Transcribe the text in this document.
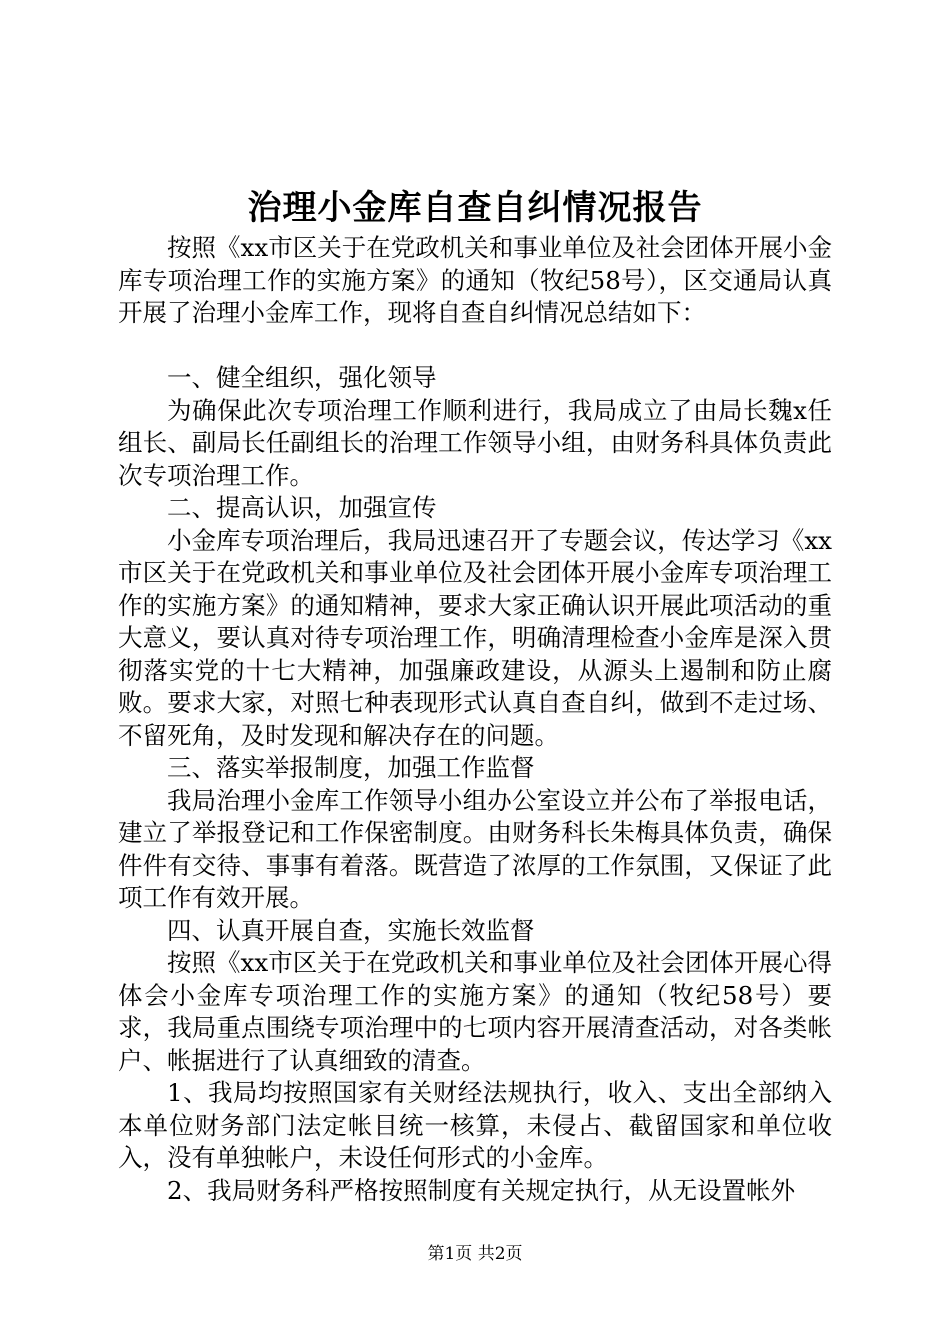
治理小金库自查自纠情况报告

按照《xx市区关于在党政机关和事业单位及社会团体开展小金库专项治理工作的实施方案》的通知（牧纪58号），区交通局认真开展了治理小金库工作，现将自查自纠情况总结如下：

一、健全组织，强化领导

为确保此次专项治理工作顺利进行，我局成立了由局长魏x任组长、副局长任副组长的治理工作领导小组，由财务科具体负责此次专项治理工作。

二、提高认识，加强宣传

小金库专项治理后，我局迅速召开了专题会议，传达学习《xx市区关于在党政机关和事业单位及社会团体开展小金库专项治理工作的实施方案》的通知精神，要求大家正确认识开展此项活动的重大意义，要认真对待专项治理工作，明确清理检查小金库是深入贯彻落实党的十七大精神，加强廉政建设，从源头上遏制和防止腐败。要求大家，对照七种表现形式认真自查自纠，做到不走过场、不留死角，及时发现和解决存在的问题。

三、落实举报制度，加强工作监督

我局治理小金库工作领导小组办公室设立并公布了举报电话，建立了举报登记和工作保密制度。由财务科长朱梅具体负责，确保件件有交待、事事有着落。既营造了浓厚的工作氛围，又保证了此项工作有效开展。

四、认真开展自查，实施长效监督

按照《xx市区关于在党政机关和事业单位及社会团体开展心得体会小金库专项治理工作的实施方案》的通知（牧纪58号）要求，我局重点围绕专项治理中的七项内容开展清查活动，对各类帐户、帐据进行了认真细致的清查。

1、我局均按照国家有关财经法规执行，收入、支出全部纳入本单位财务部门法定帐目统一核算，未侵占、截留国家和单位收入，没有单独帐户，未设任何形式的小金库。

2、我局财务科严格按照制度有关规定执行，从无设置帐外

第1页 共2页
